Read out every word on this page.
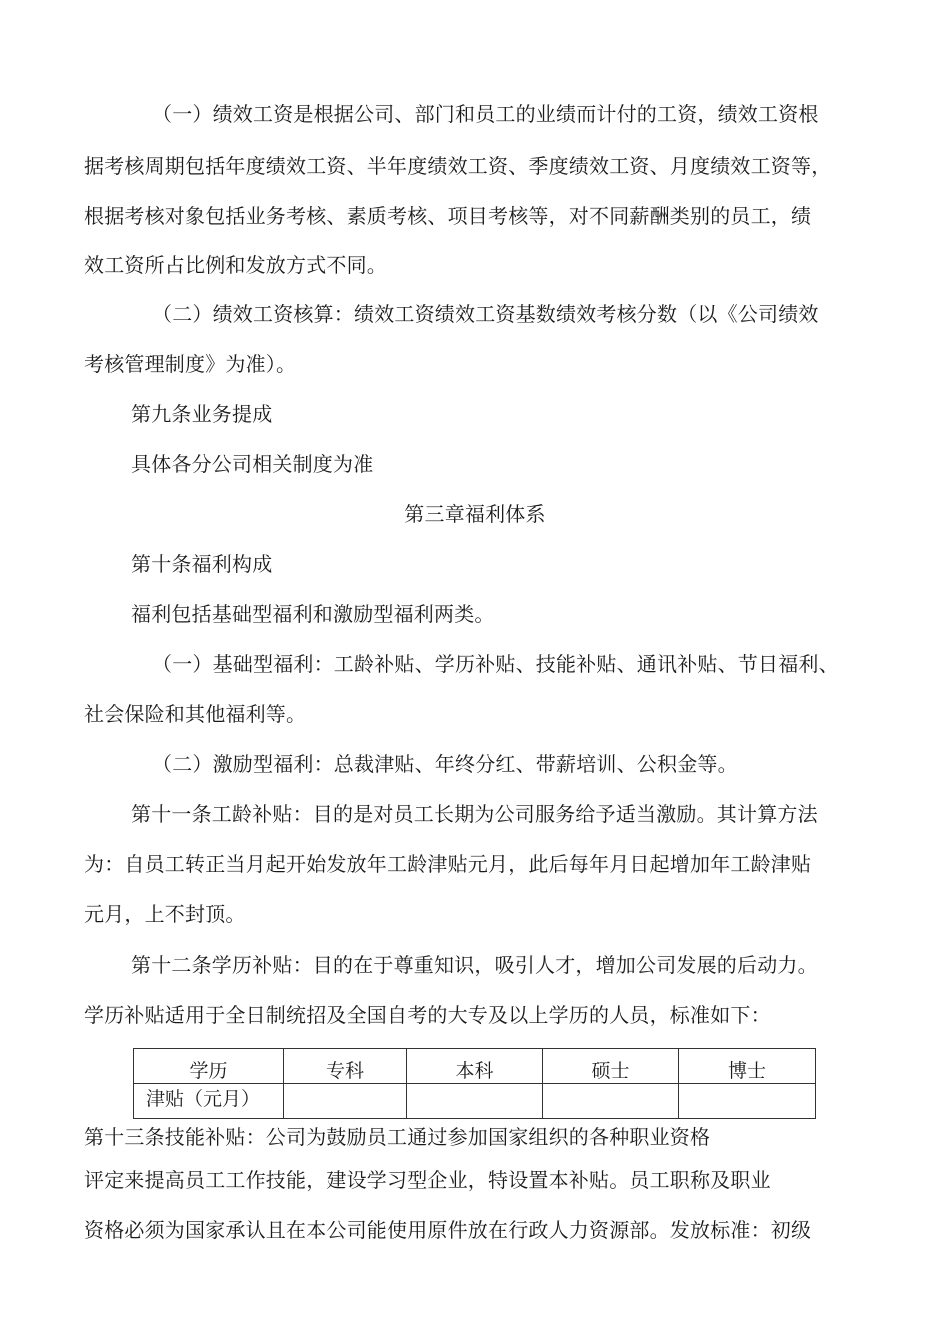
（一）绩效工资是根据公司、部门和员工的业绩而计付的工资，绩效工资根
据考核周期包括年度绩效工资、半年度绩效工资、季度绩效工资、月度绩效工资等，
根据考核对象包括业务考核、素质考核、项目考核等，对不同薪酬类别的员工，绩
效工资所占比例和发放方式不同。
（二）绩效工资核算：绩效工资绩效工资基数绩效考核分数（以《公司绩效
考核管理制度》为准）。
第九条业务提成
具体各分公司相关制度为准
第三章福利体系
第十条福利构成
福利包括基础型福利和激励型福利两类。
（一）基础型福利：工龄补贴、学历补贴、技能补贴、通讯补贴、节日福利、
社会保险和其他福利等。
（二）激励型福利：总裁津贴、年终分红、带薪培训、公积金等。
第十一条工龄补贴：目的是对员工长期为公司服务给予适当激励。其计算方法
为：自员工转正当月起开始发放年工龄津贴元月，此后每年月日起增加年工龄津贴
元月，上不封顶。
第十二条学历补贴：目的在于尊重知识，吸引人才，增加公司发展的后动力。
学历补贴适用于全日制统招及全国自考的大专及以上学历的人员，标准如下：
学历	专科	本科	硕士	博士
津贴（元月）				
第十三条技能补贴：公司为鼓励员工通过参加国家组织的各种职业资格
评定来提高员工工作技能，建设学习型企业，特设置本补贴。员工职称及职业
资格必须为国家承认且在本公司能使用原件放在行政人力资源部。发放标准：初级
